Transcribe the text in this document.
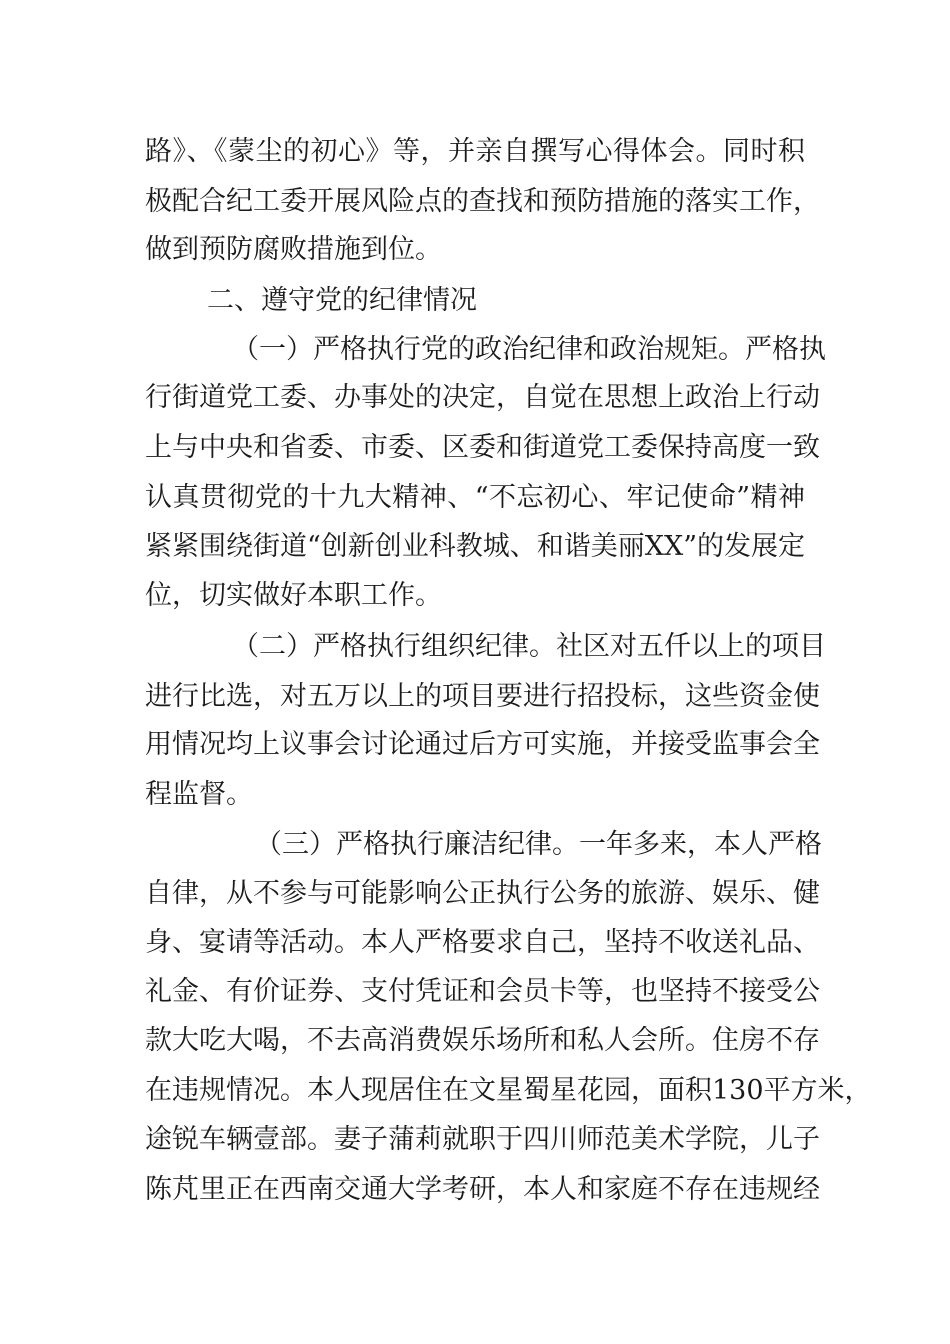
路》、《蒙尘的初心》等，并亲自撰写心得体会。同时积
极配合纪工委开展风险点的查找和预防措施的落实工作，
做到预防腐败措施到位。
二、遵守党的纪律情况
（一）严格执行党的政治纪律和政治规矩。严格执
行街道党工委、办事处的决定，自觉在思想上政治上行动
上与中央和省委、市委、区委和街道党工委保持高度一致
认真贯彻党的十九大精神、“不忘初心、牢记使命”精神
紧紧围绕街道“创新创业科教城、和谐美丽XX”的发展定
位，切实做好本职工作。
（二）严格执行组织纪律。社区对五仟以上的项目
进行比选，对五万以上的项目要进行招投标，这些资金使
用情况均上议事会讨论通过后方可实施，并接受监事会全
程监督。
（三）严格执行廉洁纪律。一年多来，本人严格
自律，从不参与可能影响公正执行公务的旅游、娱乐、健
身、宴请等活动。本人严格要求自己，坚持不收送礼品、
礼金、有价证券、支付凭证和会员卡等，也坚持不接受公
款大吃大喝，不去高消费娱乐场所和私人会所。住房不存
在违规情况。本人现居住在文星蜀星花园，面积130平方米，
途锐车辆壹部。妻子蒲莉就职于四川师范美术学院，儿子
陈芃里正在西南交通大学考研，本人和家庭不存在违规经
